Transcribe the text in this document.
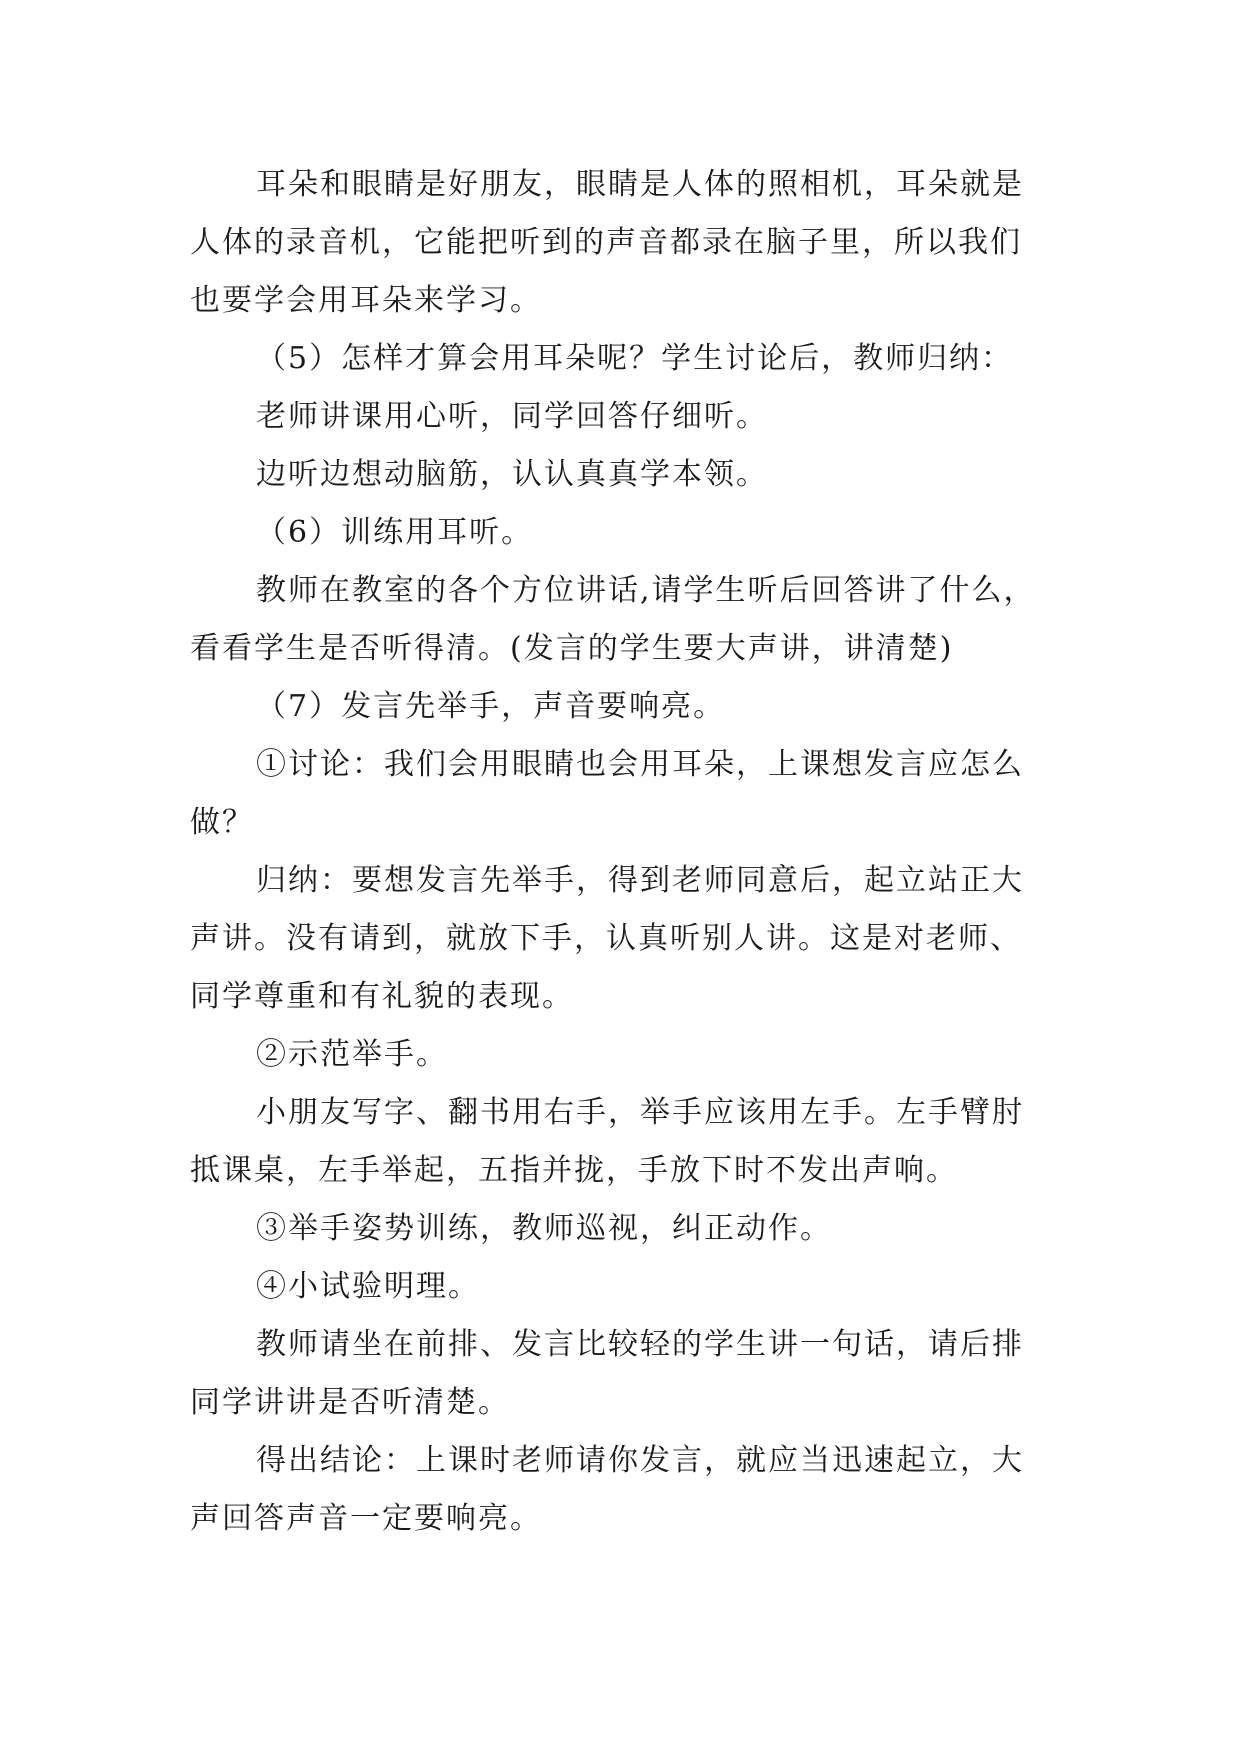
耳朵和眼睛是好朋友，眼睛是人体的照相机，耳朵就是人体的录音机，它能把听到的声音都录在脑子里，所以我们也要学会用耳朵来学习。

（5）怎样才算会用耳朵呢？学生讨论后，教师归纳：

老师讲课用心听，同学回答仔细听。

边听边想动脑筋，认认真真学本领。

（6）训练用耳听。

教师在教室的各个方位讲话,请学生听后回答讲了什么，看看学生是否听得清。(发言的学生要大声讲，讲清楚)

（7）发言先举手，声音要响亮。

①讨论：我们会用眼睛也会用耳朵，上课想发言应怎么做？

归纳：要想发言先举手，得到老师同意后，起立站正大声讲。没有请到，就放下手，认真听别人讲。这是对老师、同学尊重和有礼貌的表现。

②示范举手。

小朋友写字、翻书用右手，举手应该用左手。左手臂肘抵课桌，左手举起，五指并拢，手放下时不发出声响。

③举手姿势训练，教师巡视，纠正动作。

④小试验明理。

教师请坐在前排、发言比较轻的学生讲一句话，请后排同学讲讲是否听清楚。

得出结论：上课时老师请你发言，就应当迅速起立，大声回答声音一定要响亮。
